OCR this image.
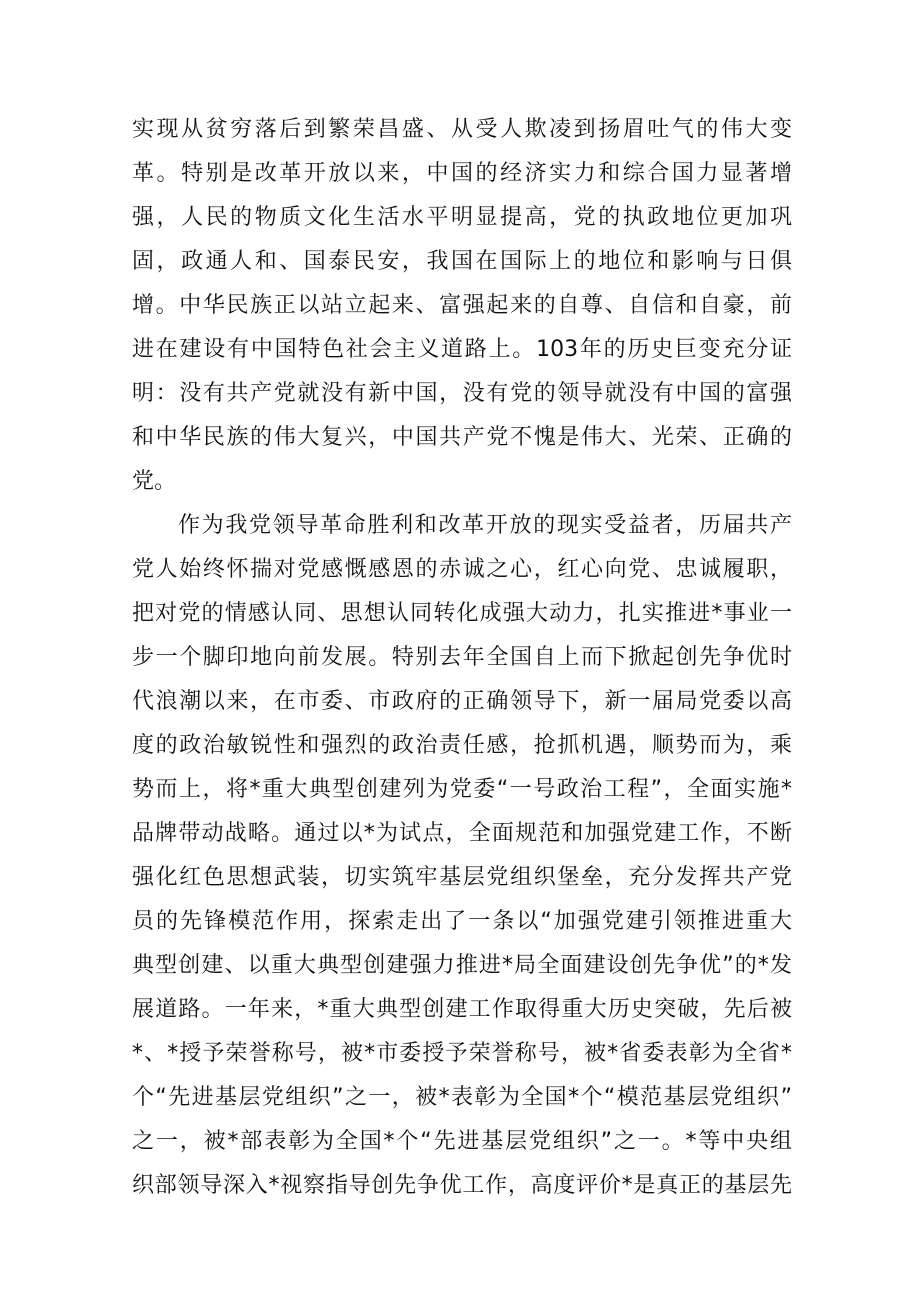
实现从贫穷落后到繁荣昌盛、从受人欺凌到扬眉吐气的伟大变
革。特别是改革开放以来，中国的经济实力和综合国力显著增
强，人民的物质文化生活水平明显提高，党的执政地位更加巩
固，政通人和、国泰民安，我国在国际上的地位和影响与日俱
增。中华民族正以站立起来、富强起来的自尊、自信和自豪，前
进在建设有中国特色社会主义道路上。103年的历史巨变充分证
明：没有共产党就没有新中国，没有党的领导就没有中国的富强
和中华民族的伟大复兴，中国共产党不愧是伟大、光荣、正确的
党。
作为我党领导革命胜利和改革开放的现实受益者，历届共产
党人始终怀揣对党感慨感恩的赤诚之心，红心向党、忠诚履职，
把对党的情感认同、思想认同转化成强大动力，扎实推进*事业一
步一个脚印地向前发展。特别去年全国自上而下掀起创先争优时
代浪潮以来，在市委、市政府的正确领导下，新一届局党委以高
度的政治敏锐性和强烈的政治责任感，抢抓机遇，顺势而为，乘
势而上，将*重大典型创建列为党委“一号政治工程”，全面实施*
品牌带动战略。通过以*为试点，全面规范和加强党建工作，不断
强化红色思想武装，切实筑牢基层党组织堡垒，充分发挥共产党
员的先锋模范作用，探索走出了一条以“加强党建引领推进重大
典型创建、以重大典型创建强力推进*局全面建设创先争优”的*发
展道路。一年来，*重大典型创建工作取得重大历史突破，先后被
*、*授予荣誉称号，被*市委授予荣誉称号，被*省委表彰为全省*
个“先进基层党组织”之一，被*表彰为全国*个“模范基层党组织”
之一，被*部表彰为全国*个“先进基层党组织”之一。*等中央组
织部领导深入*视察指导创先争优工作，高度评价*是真正的基层先
